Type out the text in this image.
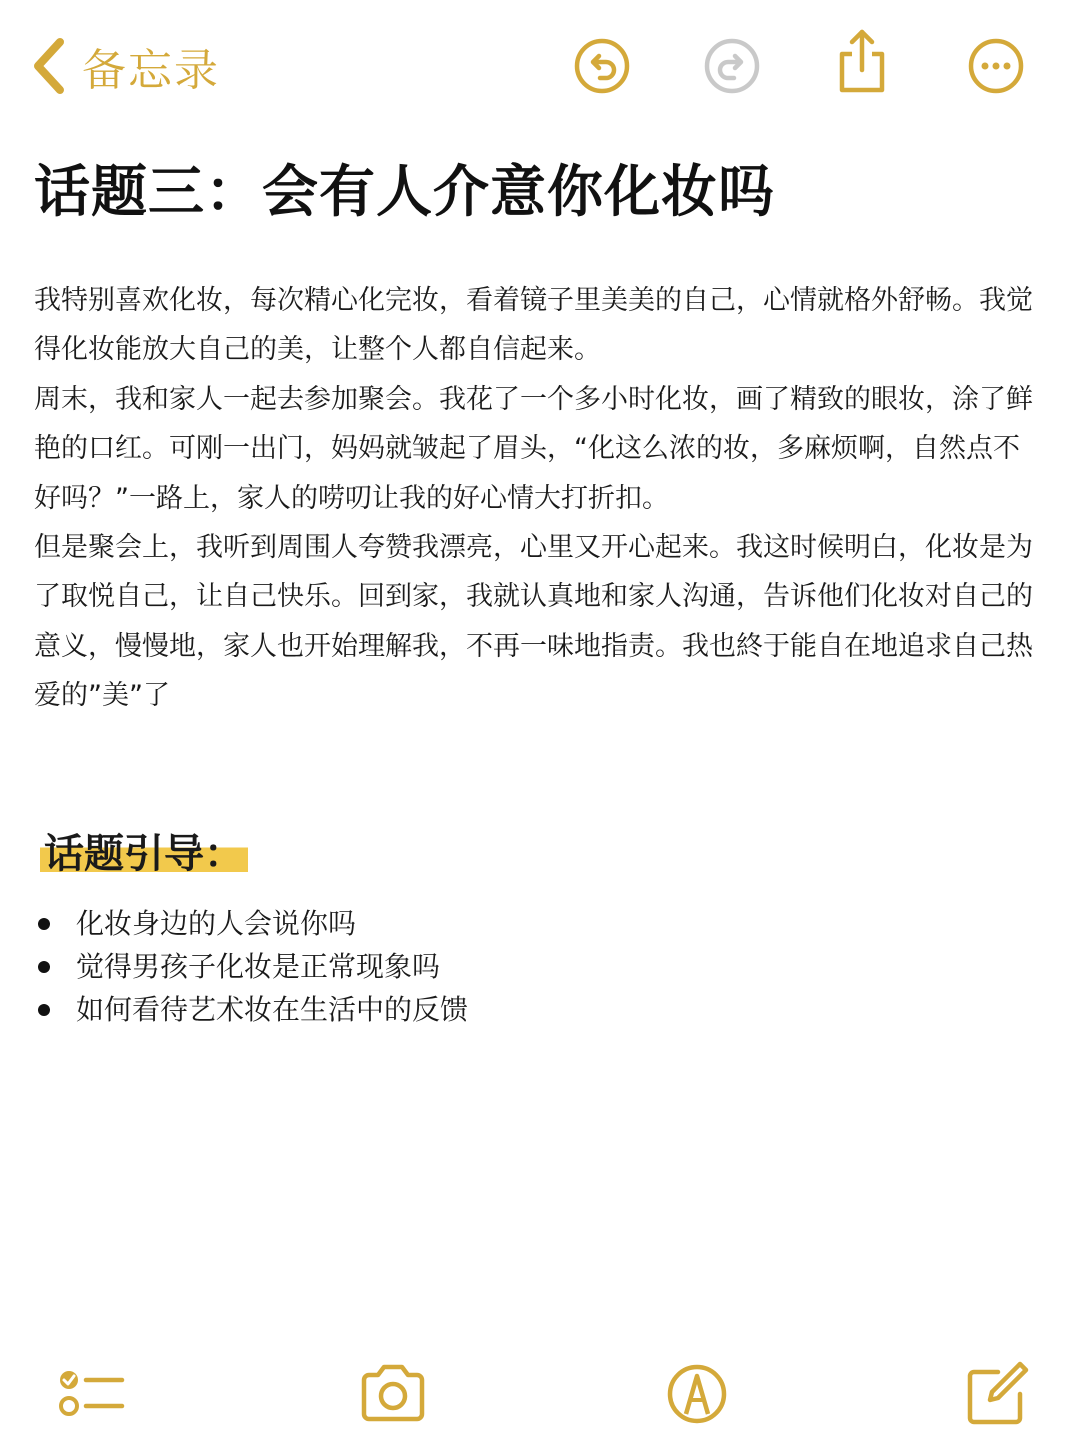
备忘录
话题三：会有人介意你化妆吗

我特别喜欢化妆，每次精心化完妆，看着镜子里美美的自己，心情就格外舒畅。我觉得化妆能放大自己的美，让整个人都自信起来。

周末，我和家人一起去参加聚会。我花了一个多小时化妆，画了精致的眼妆，涂了鲜艳的口红。可刚一出门，妈妈就皱起了眉头，“化这么浓的妆，多麻烦啊，自然点不好吗？”一路上，家人的唠叨让我的好心情大打折扣。

但是聚会上，我听到周围人夸赞我漂亮，心里又开心起来。我这时候明白，化妆是为了取悦自己，让自己快乐。回到家，我就认真地和家人沟通，告诉他们化妆对自己的意义，慢慢地，家人也开始理解我，不再一味地指责。我也終于能自在地追求自己热爱的”美”了

话题引导：
化妆身边的人会说你吗
觉得男孩子化妆是正常现象吗
如何看待艺术妆在生活中的反馈
